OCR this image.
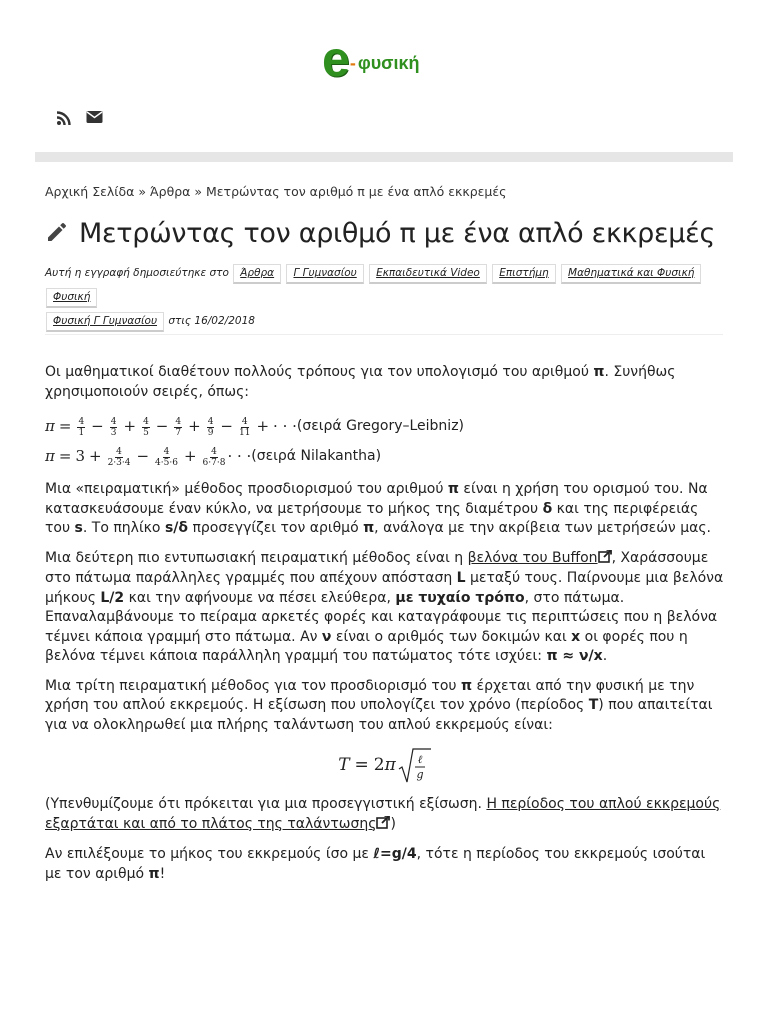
e - φυσική
Αρχική Σελίδα » Άρθρα » Μετρώντας τον αριθμό π με ένα απλό εκκρεμές
Μετρώντας τον αριθμό π με ένα απλό εκκρεμές
Αυτή η εγγραφή δημοσιεύτηκε στο Άρθρα Γ Γυμνασίου Εκπαιδευτικά Video Επιστήμη Μαθηματικά και Φυσική Φυσική
Φυσική Γ Γυμνασίου στις 16/02/2018

Οι μαθηματικοί διαθέτουν πολλούς τρόπους για τον υπολογισμό του αριθμού π. Συνήθως χρησιμοποιούν σειρές, όπως:

$\pi = \frac{4}{1} - \frac{4}{3} + \frac{4}{5} - \frac{4}{7} + \frac{4}{9} - \frac{4}{11}$ + · · · (σειρά Gregory–Leibniz)
$\pi = 3 + \frac{4}{2\cdot 3\cdot 4} - \frac{4}{4\cdot 5\cdot 6} + \frac{4}{6\cdot 7\cdot 8}$ · · · (σειρά Nilakantha)

Μια «πειραματική» μέθοδος προσδιορισμού του αριθμού π είναι η χρήση του ορισμού του. Να κατασκευάσουμε έναν κύκλο, να μετρήσουμε το μήκος της διαμέτρου δ και της περιφέρειάς του s. Το πηλίκο s/δ προσεγγίζει τον αριθμό π, ανάλογα με την ακρίβεια των μετρήσεών μας.

Μια δεύτερη πιο εντυπωσιακή πειραματική μέθοδος είναι η βελόνα του Buffon , Χαράσσουμε στο πάτωμα παράλληλες γραμμές που απέχουν απόσταση L μεταξύ τους. Παίρνουμε μια βελόνα μήκους L/2 και την αφήνουμε να πέσει ελεύθερα, με τυχαίο τρόπο, στο πάτωμα. Επαναλαμβάνουμε το πείραμα αρκετές φορές και καταγράφουμε τις περιπτώσεις που η βελόνα τέμνει κάποια γραμμή στο πάτωμα. Αν ν είναι ο αριθμός των δοκιμών και x οι φορές που η βελόνα τέμνει κάποια παράλληλη γραμμή του πατώματος τότε ισχύει: π ≈ ν/x.

Μια τρίτη πειραματική μέθοδος για τον προσδιορισμό του π έρχεται από την φυσική με την χρήση του απλού εκκρεμούς. Η εξίσωση που υπολογίζει τον χρόνο (περίοδος T) που απαιτείται για να ολοκληρωθεί μια πλήρης ταλάντωση του απλού εκκρεμούς είναι:

T = 2 π ℓ
g

(Υπενθυμίζουμε ότι πρόκειται για μια προσεγγιστική εξίσωση. Η περίοδος του απλού εκκρεμούς εξαρτάται και από το πλάτος της ταλάντωσης )

Αν επιλέξουμε το μήκος του εκκρεμούς ίσο με ℓ=g/4, τότε η περίοδος του εκκρεμούς ισούται με τον αριθμό π!
